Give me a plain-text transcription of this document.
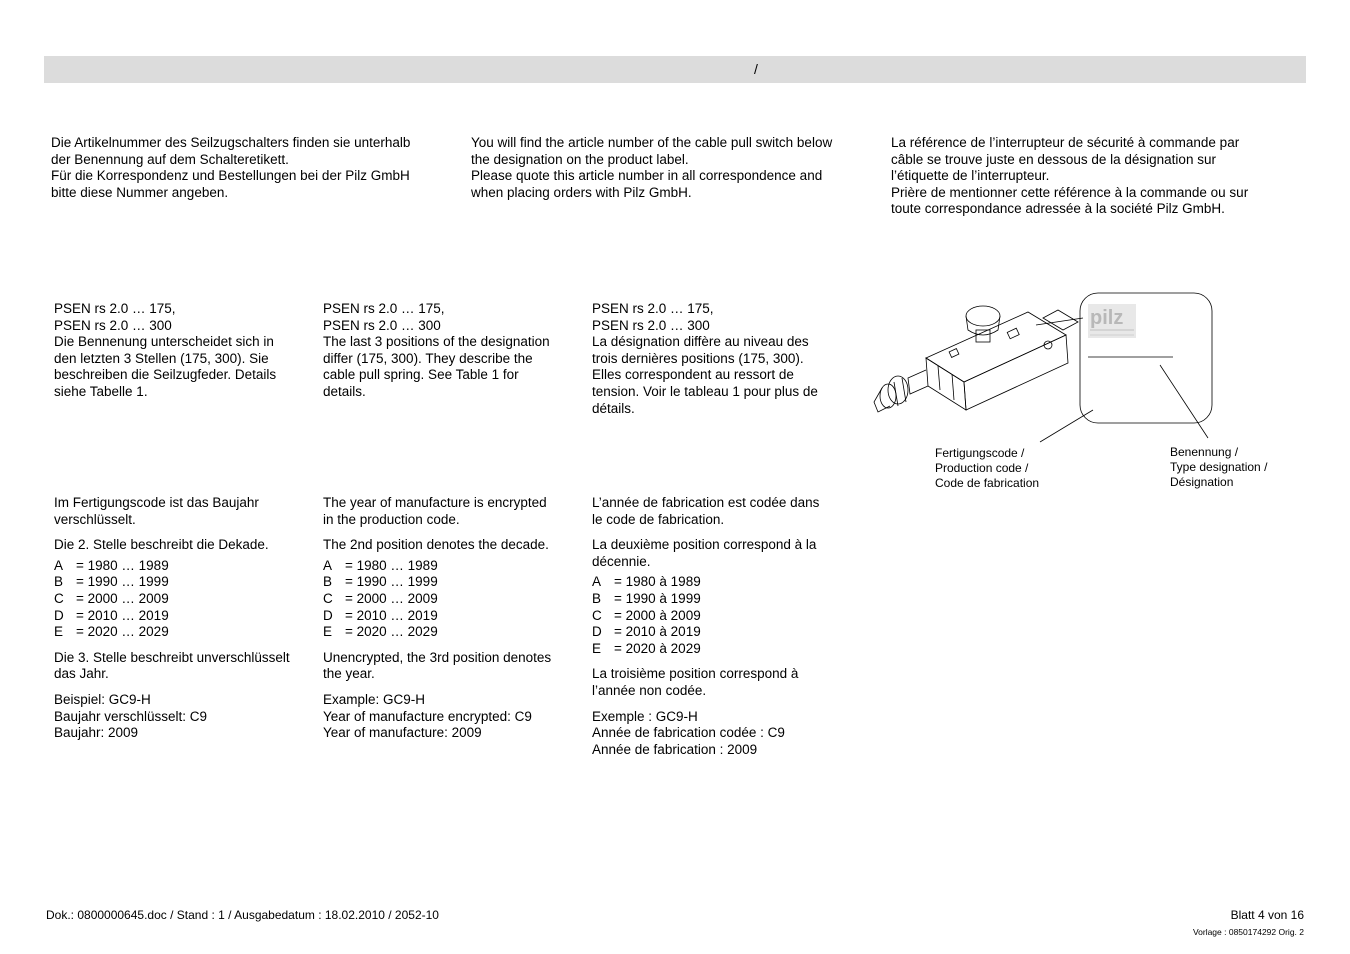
/
Die Artikelnummer des Seilzugschalters finden sie unterhalb
der Benennung auf dem Schalteretikett.
Für die Korrespondenz und Bestellungen bei der Pilz GmbH
bitte diese Nummer angeben.
You will find the article number of the cable pull switch below
the designation on the product label.
Please quote this article number in all correspondence and
when placing orders with Pilz GmbH.
La référence de l’interrupteur de sécurité à commande par
câble se trouve juste en dessous de la désignation sur
l’étiquette de l’interrupteur.
Prière de mentionner cette référence à la commande ou sur
toute correspondance adressée à la société Pilz GmbH.
PSEN rs 2.0 … 175,
PSEN rs 2.0 … 300
Die Bennenung unterscheidet sich in
den letzten 3 Stellen (175, 300). Sie
beschreiben die Seilzugfeder. Details
siehe Tabelle 1.
PSEN rs 2.0 … 175,
PSEN rs 2.0 … 300
The last 3 positions of the designation
differ (175, 300). They describe the
cable pull spring. See Table 1 for
details.
PSEN rs 2.0 … 175,
PSEN rs 2.0 … 300
La désignation diffère au niveau des
trois dernières positions (175, 300).
Elles correspondent au ressort de
tension. Voir le tableau 1 pour plus de
détails.
pilz
Fertigungscode /
Production code /
Code de fabrication
Benennung /
Type designation /
Désignation
Im Fertigungscode ist das Baujahr
verschlüsselt.
Die 2. Stelle beschreibt die Dekade.
A = 1980 … 1989
B = 1990 … 1999
C = 2000 … 2009
D = 2010 … 2019
E = 2020 … 2029
Die 3. Stelle beschreibt unverschlüsselt
das Jahr.
Beispiel: GC9-H
Baujahr verschlüsselt: C9
Baujahr: 2009
The year of manufacture is encrypted
in the production code.
The 2nd position denotes the decade.
A = 1980 … 1989
B = 1990 … 1999
C = 2000 … 2009
D = 2010 … 2019
E = 2020 … 2029
Unencrypted, the 3rd position denotes
the year.
Example: GC9-H
Year of manufacture encrypted: C9
Year of manufacture: 2009
L’année de fabrication est codée dans
le code de fabrication.
La deuxième position correspond à la
décennie.
A = 1980 à 1989
B = 1990 à 1999
C = 2000 à 2009
D = 2010 à 2019
E = 2020 à 2029
La troisième position correspond à
l’année non codée.
Exemple : GC9-H
Année de fabrication codée : C9
Année de fabrication : 2009
Dok.: 0800000645.doc / Stand : 1 / Ausgabedatum : 18.02.2010 / 2052-10	Blatt 4 von 16
Vorlage : 0850174292 Orig. 2
